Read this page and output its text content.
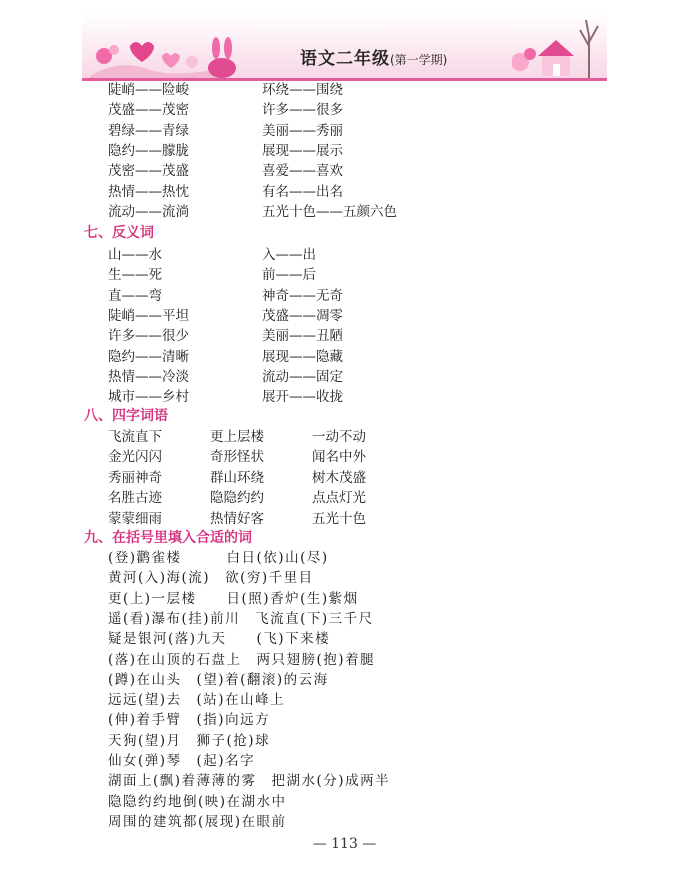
语文二年级(第一学期)
— 113 —
陡峭——险峻	环绕——围绕
茂盛——茂密	许多——很多
碧绿——青绿	美丽——秀丽
隐约——朦胧	展现——展示
茂密——茂盛	喜爱——喜欢
热情——热忱	有名——出名
流动——流淌	五光十色——五颜六色
七、反义词
山——水	入——出
生——死	前——后
直——弯	神奇——无奇
陡峭——平坦	茂盛——凋零
许多——很少	美丽——丑陋
隐约——清晰	展现——隐藏
热情——冷淡	流动——固定
城市——乡村	展开——收拢
八、四字词语
飞流直下	更上层楼	一动不动
金光闪闪	奇形怪状	闻名中外
秀丽神奇	群山环绕	树木茂盛
名胜古迹	隐隐约约	点点灯光
蒙蒙细雨	热情好客	五光十色
九、在括号里填入合适的词
(登)鹳雀楼　　　白日(依)山(尽)
黄河(入)海(流)　欲(穷)千里目
更(上)一层楼　　日(照)香炉(生)紫烟
遥(看)瀑布(挂)前川　飞流直(下)三千尺
疑是银河(落)九天　　(飞)下来楼
(落)在山顶的石盘上　两只翅膀(抱)着腿
(蹲)在山头　(望)着(翻滚)的云海
远远(望)去　(站)在山峰上
(伸)着手臂　(指)向远方
天狗(望)月　狮子(抢)球
仙女(弹)琴　(起)名字
湖面上(飘)着薄薄的雾　把湖水(分)成两半
隐隐约约地倒(映)在湖水中
周围的建筑都(展现)在眼前
